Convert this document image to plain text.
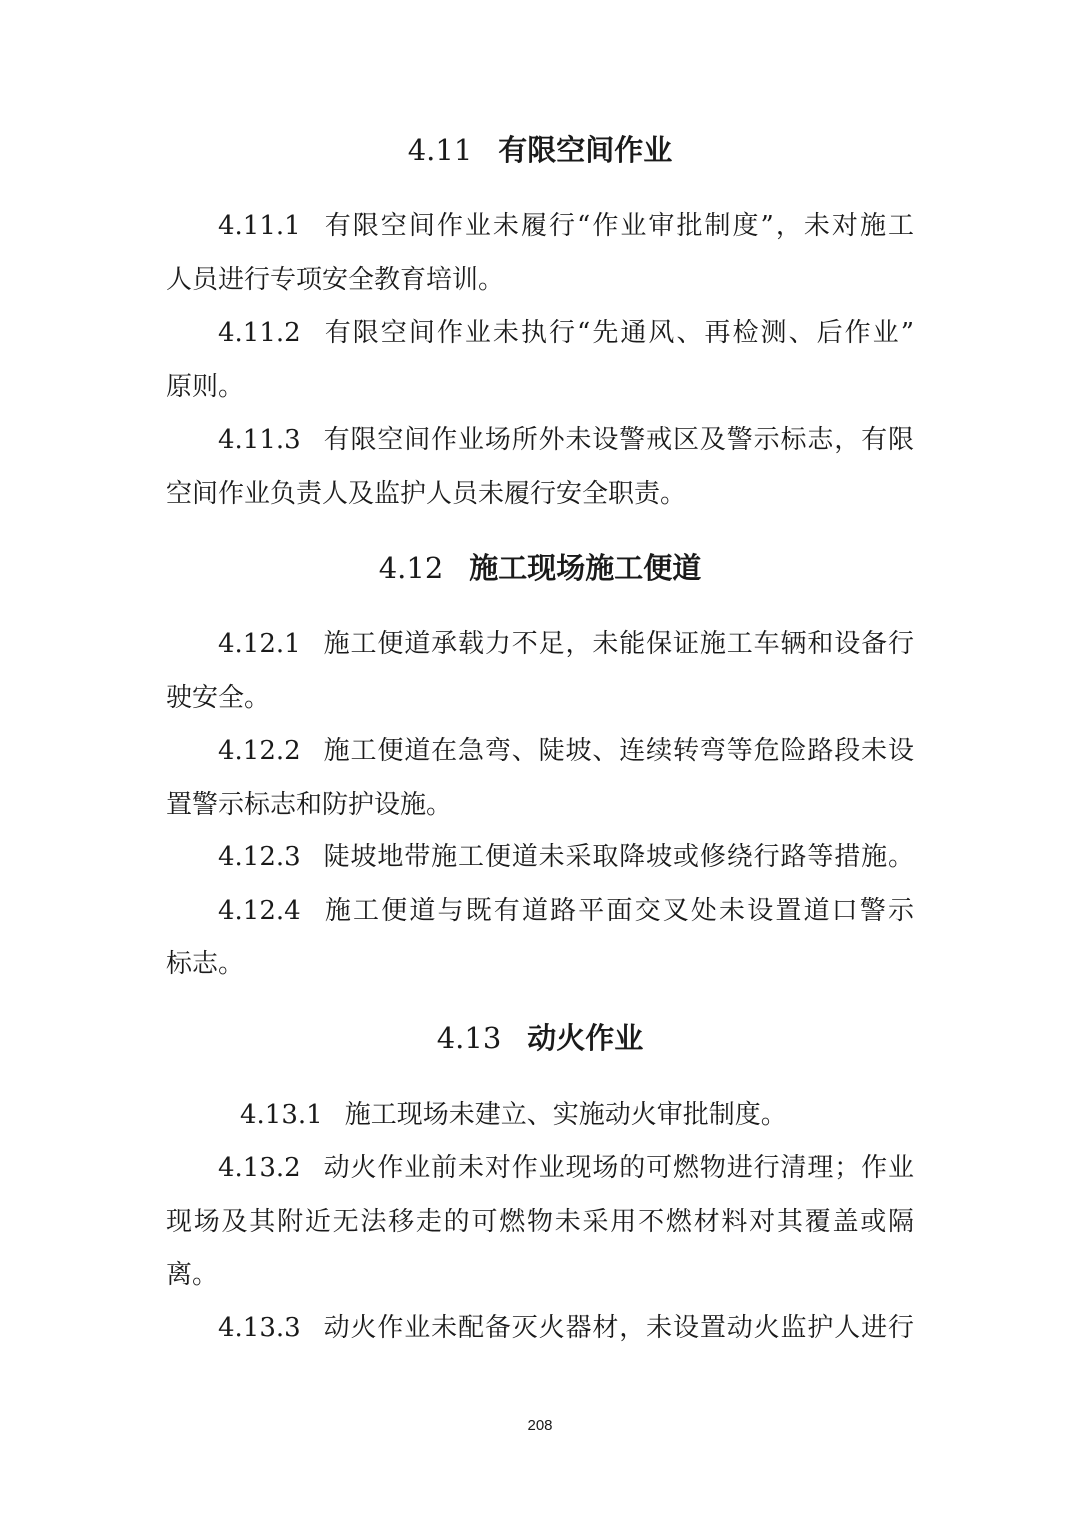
4.11 有限空间作业
4.11.1 有限空间作业未履行“作业审批制度”，未对施工
人员进行专项安全教育培训。
4.11.2 有限空间作业未执行“先通风、再检测、后作业”
原则。
4.11.3 有限空间作业场所外未设警戒区及警示标志，有限
空间作业负责人及监护人员未履行安全职责。
4.12 施工现场施工便道
4.12.1 施工便道承载力不足，未能保证施工车辆和设备行
驶安全。
4.12.2 施工便道在急弯、陡坡、连续转弯等危险路段未设
置警示标志和防护设施。
4.12.3 陡坡地带施工便道未采取降坡或修绕行路等措施。
4.12.4 施工便道与既有道路平面交叉处未设置道口警示
标志。
4.13 动火作业
4.13.1 施工现场未建立、实施动火审批制度。
4.13.2 动火作业前未对作业现场的可燃物进行清理；作业
现场及其附近无法移走的可燃物未采用不燃材料对其覆盖或隔
离。
4.13.3 动火作业未配备灭火器材，未设置动火监护人进行
208
